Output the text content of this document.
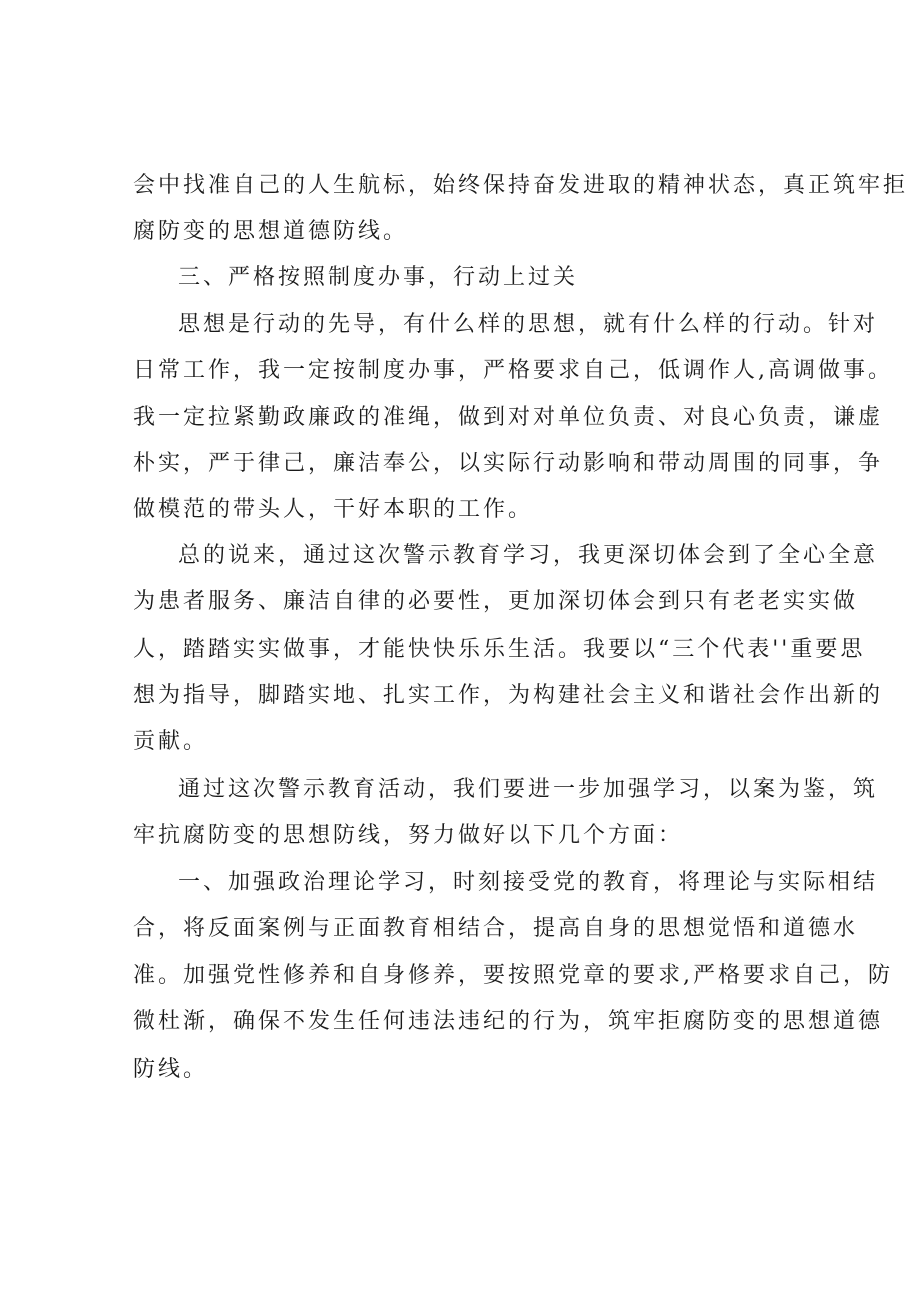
会中找准自己的人生航标，始终保持奋发进取的精神状态，真正筑牢拒

腐防变的思想道德防线。

三、严格按照制度办事，行动上过关

思想是行动的先导，有什么样的思想，就有什么样的行动。针对

日常工作，我一定按制度办事，严格要求自己，低调作人,高调做事。

我一定拉紧勤政廉政的准绳，做到对对单位负责、对良心负责，谦虚

朴实，严于律己，廉洁奉公，以实际行动影响和带动周围的同事，争

做模范的带头人，干好本职的工作。

总的说来，通过这次警示教育学习，我更深切体会到了全心全意

为患者服务、廉洁自律的必要性，更加深切体会到只有老老实实做

人，踏踏实实做事，才能快快乐乐生活。我要以“三个代表''重要思

想为指导，脚踏实地、扎实工作，为构建社会主义和谐社会作出新的

贡献。

通过这次警示教育活动，我们要进一步加强学习，以案为鉴，筑

牢抗腐防变的思想防线，努力做好以下几个方面：

一、加强政治理论学习，时刻接受党的教育，将理论与实际相结

合，将反面案例与正面教育相结合，提高自身的思想觉悟和道德水

准。加强党性修养和自身修养，要按照党章的要求,严格要求自己，防

微杜渐，确保不发生任何违法违纪的行为，筑牢拒腐防变的思想道德

防线。
